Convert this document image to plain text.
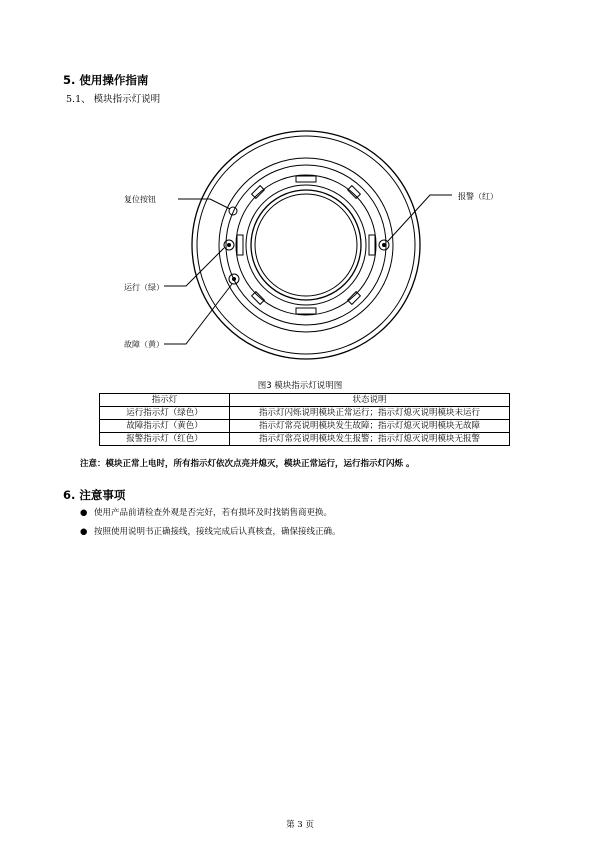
5. 使用操作指南
5.1、 模块指示灯说明
复位按钮	报警（红）
运行（绿）
故障（黄）
图3 模块指示灯说明图
指示灯	状态说明
运行指示灯（绿色）	指示灯闪烁说明模块正常运行；指示灯熄灭说明模块未运行
故障指示灯（黄色）	指示灯常亮说明模块发生故障；指示灯熄灭说明模块无故障
报警指示灯（红色）	指示灯常亮说明模块发生报警；指示灯熄灭说明模块无报警
注意：模块正常上电时，所有指示灯依次点亮并熄灭，模块正常运行，运行指示灯闪烁 。
6. 注意事项
● 使用产品前请检查外观是否完好，若有损坏及时找销售商更换。
● 按照使用说明书正确接线，接线完成后认真核查，确保接线正确。
第 3 页
